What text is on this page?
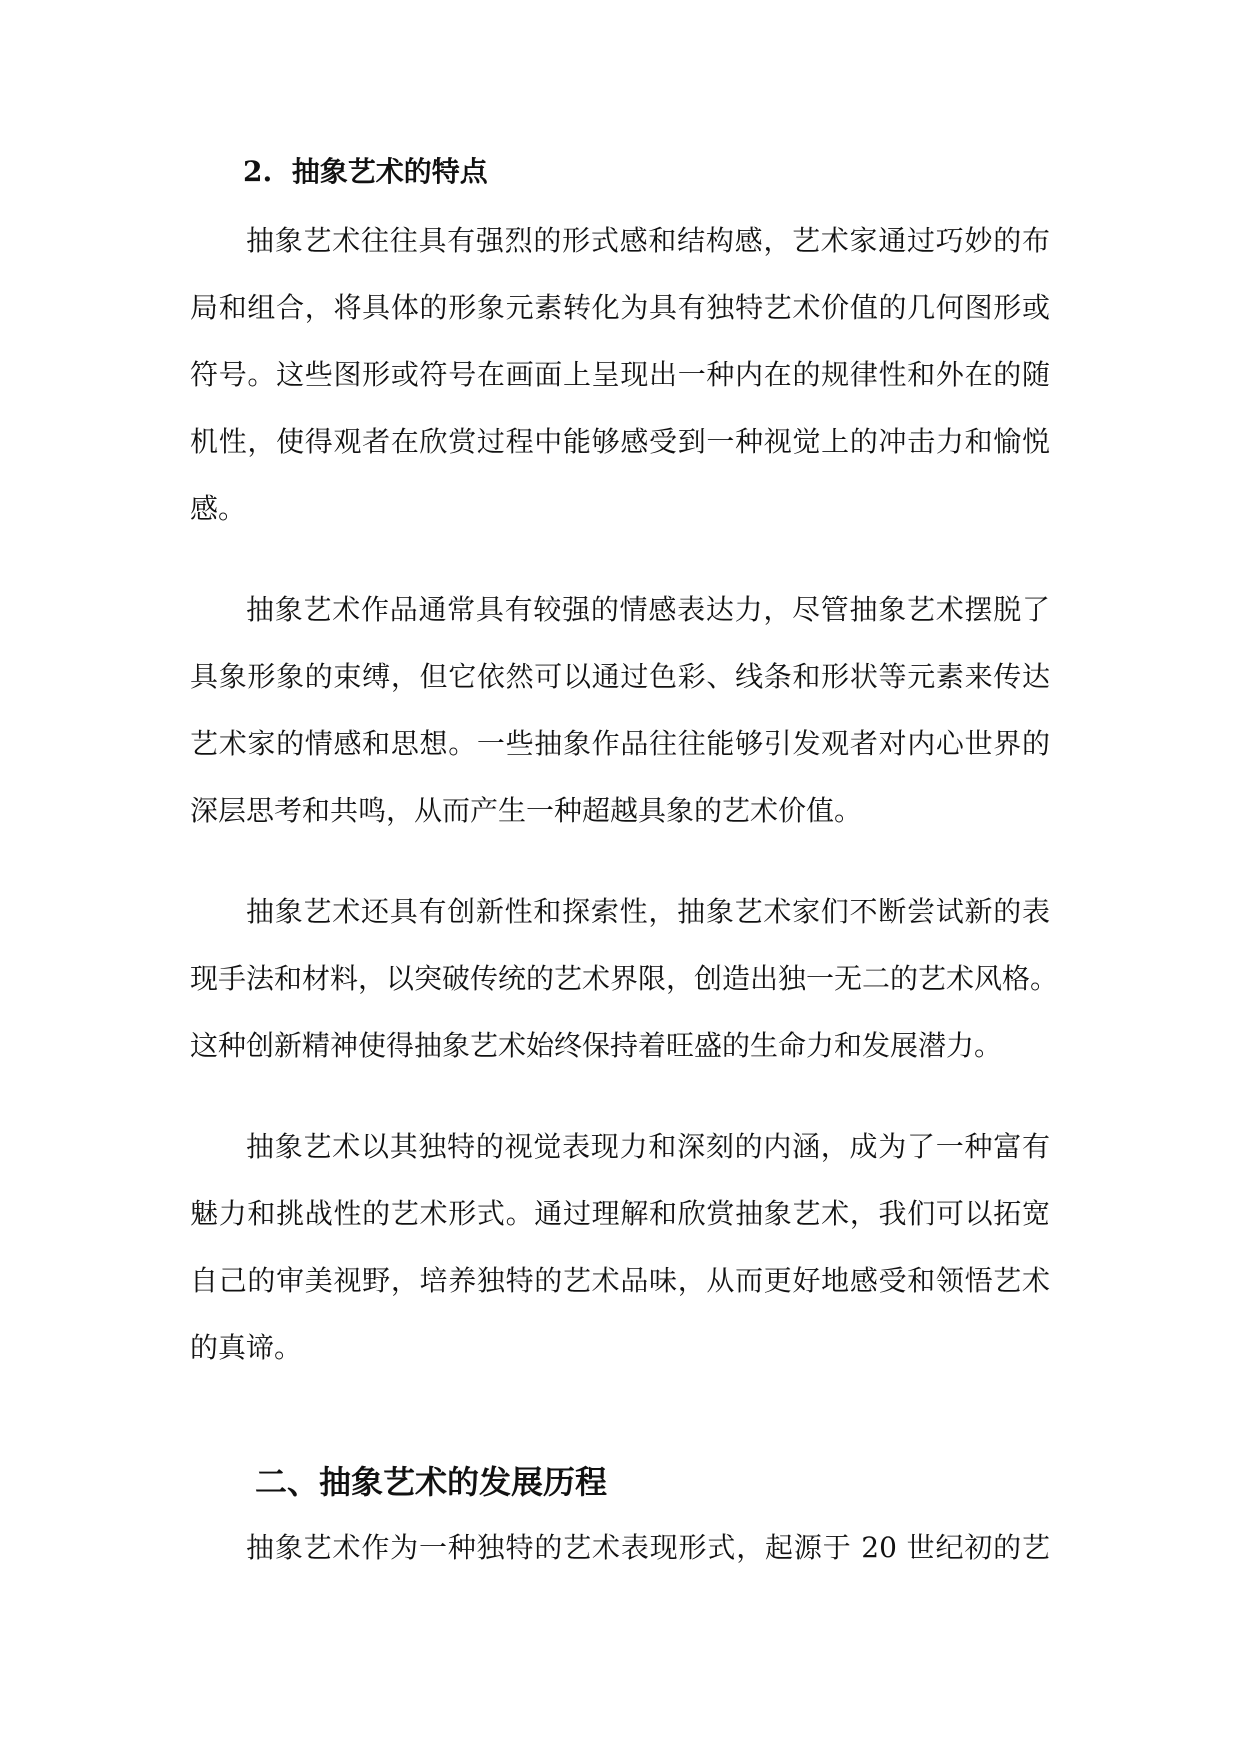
2. 抽象艺术的特点
抽象艺术往往具有强烈的形式感和结构感，艺术家通过巧妙的布
局和组合，将具体的形象元素转化为具有独特艺术价值的几何图形或
符号。这些图形或符号在画面上呈现出一种内在的规律性和外在的随
机性，使得观者在欣赏过程中能够感受到一种视觉上的冲击力和愉悦
感。
抽象艺术作品通常具有较强的情感表达力，尽管抽象艺术摆脱了
具象形象的束缚，但它依然可以通过色彩、线条和形状等元素来传达
艺术家的情感和思想。一些抽象作品往往能够引发观者对内心世界的
深层思考和共鸣，从而产生一种超越具象的艺术价值。
抽象艺术还具有创新性和探索性，抽象艺术家们不断尝试新的表
现手法和材料，以突破传统的艺术界限，创造出独一无二的艺术风格。
这种创新精神使得抽象艺术始终保持着旺盛的生命力和发展潜力。
抽象艺术以其独特的视觉表现力和深刻的内涵，成为了一种富有
魅力和挑战性的艺术形式。通过理解和欣赏抽象艺术，我们可以拓宽
自己的审美视野，培养独特的艺术品味，从而更好地感受和领悟艺术
的真谛。
二、抽象艺术的发展历程
抽象艺术作为一种独特的艺术表现形式，起源于 20 世纪初的艺
